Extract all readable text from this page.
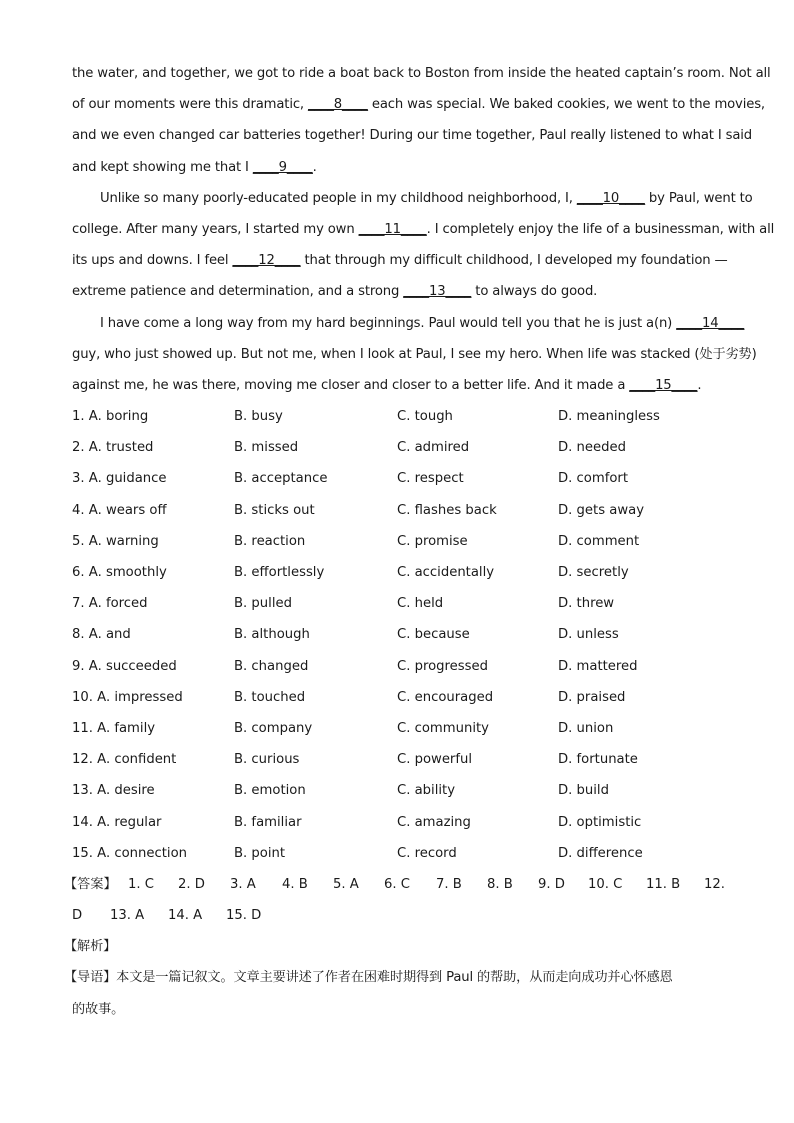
the water, and together, we got to ride a boat back to Boston from inside the heated captain’s room. Not all
of our moments were this dramatic, ____8____ each was special. We baked cookies, we went to the movies,
and we even changed car batteries together! During our time together, Paul really listened to what I said
and kept showing me that I ____9____.
Unlike so many poorly-educated people in my childhood neighborhood, I, ____10____ by Paul, went to
college. After many years, I started my own ____11____. I completely enjoy the life of a businessman, with all
its ups and downs. I feel ____12____ that through my difficult childhood, I developed my foundation —
extreme patience and determination, and a strong ____13____ to always do good.
I have come a long way from my hard beginnings. Paul would tell you that he is just a(n) ____14____
guy, who just showed up. But not me, when I look at Paul, I see my hero. When life was stacked (处于劣势)
against me, he was there, moving me closer and closer to a better life. And it made a ____15____.
1. A. boring	B. busy	C. tough	D. meaningless
2. A. trusted	B. missed	C. admired	D. needed
3. A. guidance	B. acceptance	C. respect	D. comfort
4. A. wears off	B. sticks out	C. flashes back	D. gets away
5. A. warning	B. reaction	C. promise	D. comment
6. A. smoothly	B. effortlessly	C. accidentally	D. secretly
7. A. forced	B. pulled	C. held	D. threw
8. A. and	B. although	C. because	D. unless
9. A. succeeded	B. changed	C. progressed	D. mattered
10. A. impressed	B. touched	C. encouraged	D. praised
11. A. family	B. company	C. community	D. union
12. A. confident	B. curious	C. powerful	D. fortunate
13. A. desire	B. emotion	C. ability	D. build
14. A. regular	B. familiar	C. amazing	D. optimistic
15. A. connection	B. point	C. record	D. difference
【答案】 1. C 2. D 3. A 4. B 5. A 6. C 7. B 8. B 9. D 10. C 11. B 12.
D 13. A 14. A 15. D
【解析】
【导语】本文是一篇记叙文。文章主要讲述了作者在困难时期得到 Paul 的帮助，从而走向成功并心怀感恩
的故事。
